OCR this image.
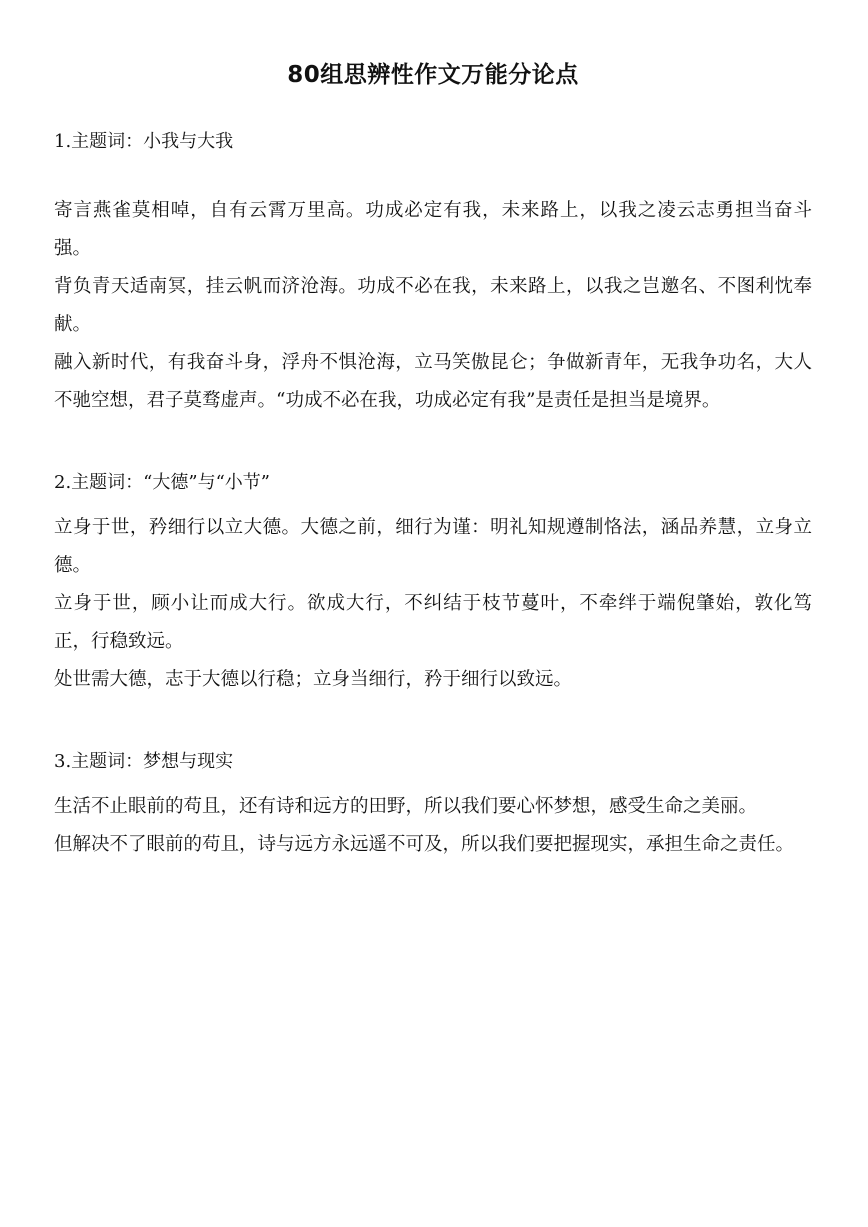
80组思辨性作文万能分论点

1.主题词：小我与大我

寄言燕雀莫相啅，自有云霄万里高。功成必定有我，未来路上，以我之凌云志勇担当奋斗强。

背负青天适南冥，挂云帆而济沧海。功成不必在我，未来路上，以我之岂邀名、不图利忱奉献。

融入新时代，有我奋斗身，浮舟不惧沧海，立马笑傲昆仑；争做新青年，无我争功名，大人不驰空想，君子莫骛虚声。“功成不必在我，功成必定有我”是责任是担当是境界。

2.主题词：“大德”与“小节”

立身于世，矜细行以立大德。大德之前，细行为谨：明礼知规遵制恪法，涵品养慧，立身立德。

立身于世，顾小让而成大行。欲成大行，不纠结于枝节蔓叶，不牵绊于端倪肇始，敦化笃正，行稳致远。

处世需大德，志于大德以行稳；立身当细行，矜于细行以致远。

3.主题词：梦想与现实

生活不止眼前的苟且，还有诗和远方的田野，所以我们要心怀梦想，感受生命之美丽。

但解决不了眼前的苟且，诗与远方永远遥不可及，所以我们要把握现实，承担生命之责任。
